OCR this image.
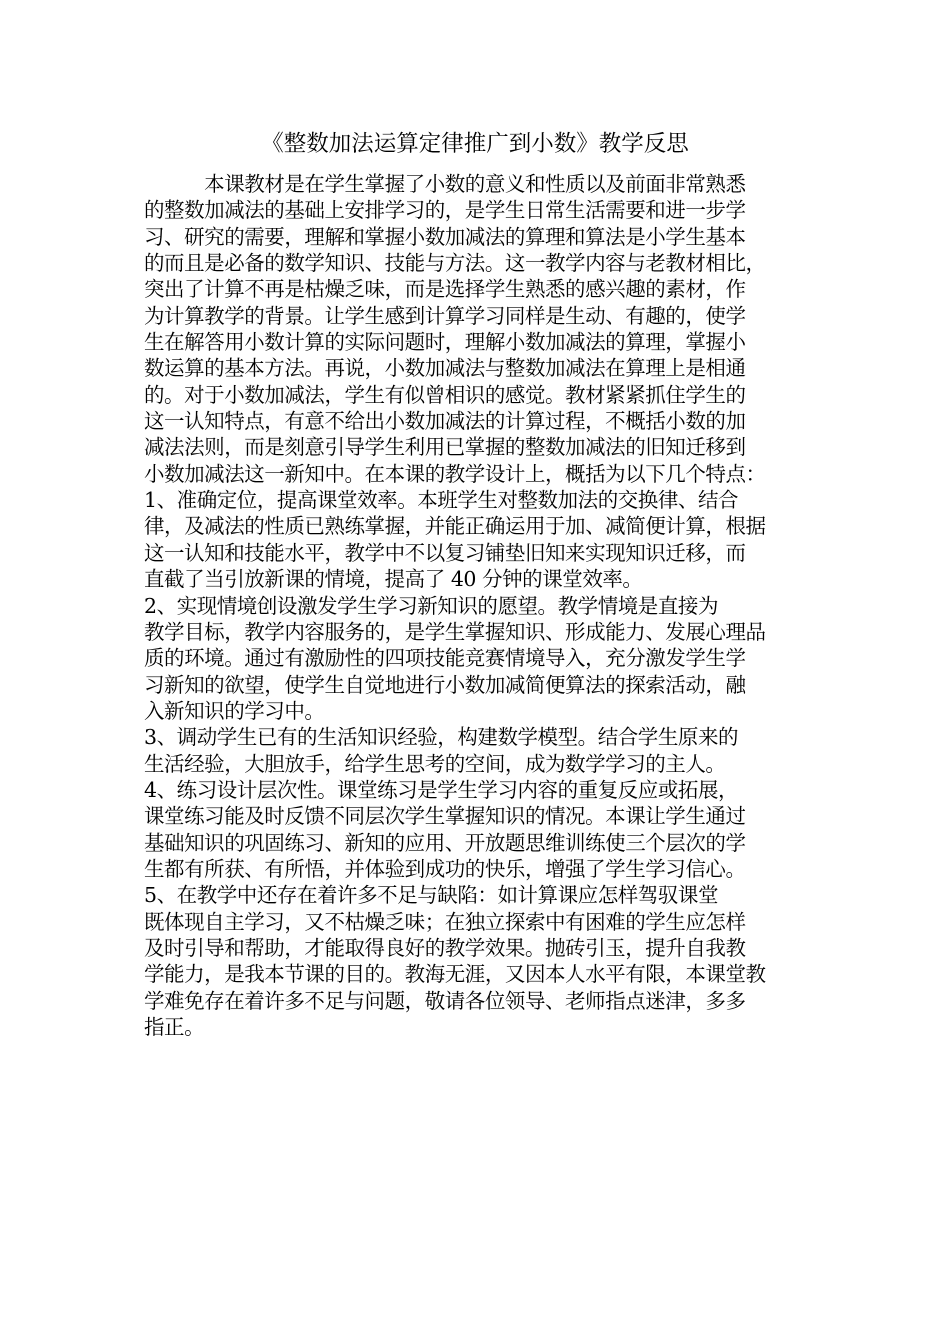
《整数加法运算定律推广到小数》教学反思
　　　本课教材是在学生掌握了小数的意义和性质以及前面非常熟悉
的整数加减法的基础上安排学习的，是学生日常生活需要和进一步学
习、研究的需要，理解和掌握小数加减法的算理和算法是小学生基本
的而且是必备的数学知识、技能与方法。这一教学内容与老教材相比，
突出了计算不再是枯燥乏味，而是选择学生熟悉的感兴趣的素材，作
为计算教学的背景。让学生感到计算学习同样是生动、有趣的，使学
生在解答用小数计算的实际问题时，理解小数加减法的算理，掌握小
数运算的基本方法。再说，小数加减法与整数加减法在算理上是相通
的。对于小数加减法，学生有似曾相识的感觉。教材紧紧抓住学生的
这一认知特点，有意不给出小数加减法的计算过程，不概括小数的加
减法法则，而是刻意引导学生利用已掌握的整数加减法的旧知迁移到
小数加减法这一新知中。在本课的教学设计上，概括为以下几个特点：
1、准确定位，提高课堂效率。本班学生对整数加法的交换律、结合
律，及减法的性质已熟练掌握，并能正确运用于加、减简便计算，根据
这一认知和技能水平，教学中不以复习铺垫旧知来实现知识迁移，而
直截了当引放新课的情境，提高了 40 分钟的课堂效率。
2、实现情境创设激发学生学习新知识的愿望。教学情境是直接为
教学目标，教学内容服务的，是学生掌握知识、形成能力、发展心理品
质的环境。通过有激励性的四项技能竞赛情境导入，充分激发学生学
习新知的欲望，使学生自觉地进行小数加减简便算法的探索活动，融
入新知识的学习中。
3、调动学生已有的生活知识经验，构建数学模型。结合学生原来的
生活经验，大胆放手，给学生思考的空间，成为数学学习的主人。
4、练习设计层次性。课堂练习是学生学习内容的重复反应或拓展，
课堂练习能及时反馈不同层次学生掌握知识的情况。本课让学生通过
基础知识的巩固练习、新知的应用、开放题思维训练使三个层次的学
生都有所获、有所悟，并体验到成功的快乐，增强了学生学习信心。
5、在教学中还存在着许多不足与缺陷：如计算课应怎样驾驭课堂
既体现自主学习，又不枯燥乏味；在独立探索中有困难的学生应怎样
及时引导和帮助，才能取得良好的教学效果。抛砖引玉，提升自我教
学能力，是我本节课的目的。教海无涯，又因本人水平有限，本课堂教
学难免存在着许多不足与问题，敬请各位领导、老师指点迷津，多多
指正。
